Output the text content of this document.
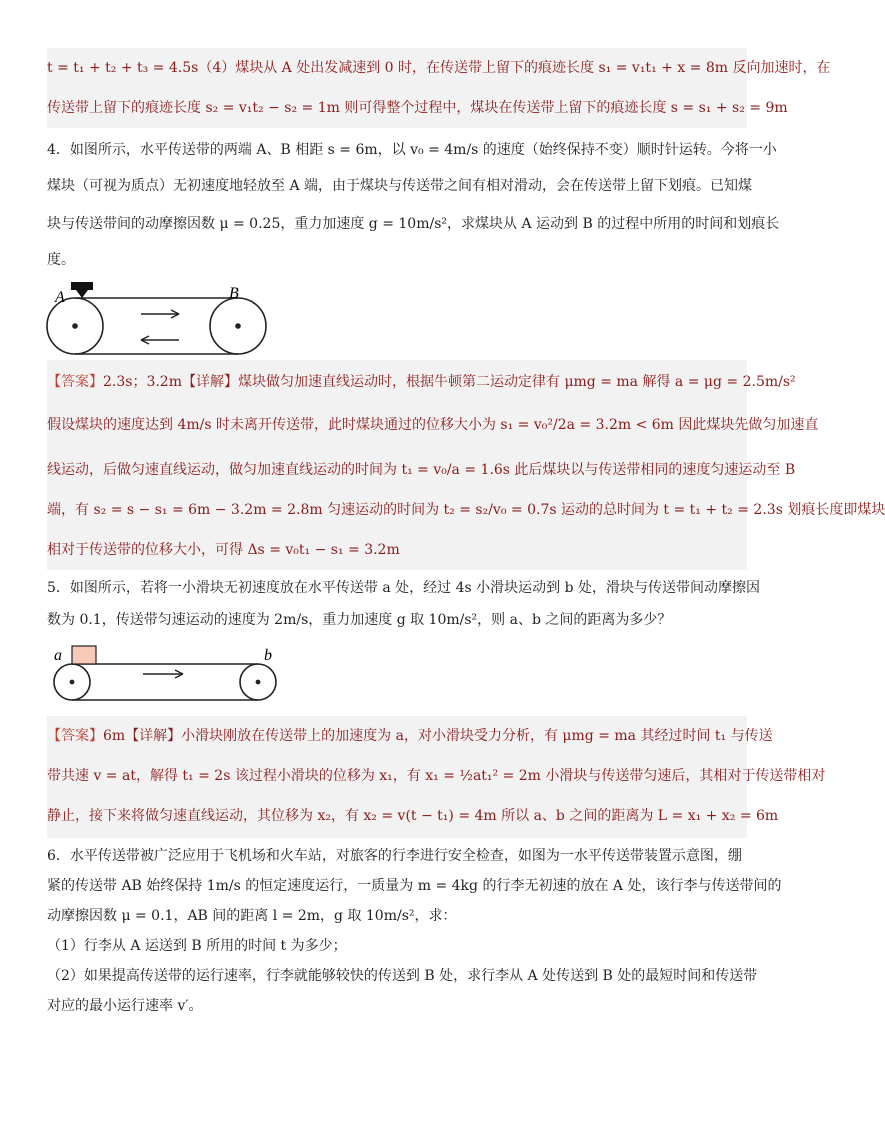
t = t₁ + t₂ + t₃ = 4.5s（4）煤块从 A 处出发减速到 0 时，在传送带上留下的痕迹长度 s₁ = v₁t₁ + x = 8m 反向加速时，在
传送带上留下的痕迹长度 s₂ = v₁t₂ − s₂ = 1m 则可得整个过程中，煤块在传送带上留下的痕迹长度 s = s₁ + s₂ = 9m
4．如图所示，水平传送带的两端 A、B 相距 s = 6m，以 v₀ = 4m/s 的速度（始终保持不变）顺时针运转。今将一小
煤块（可视为质点）无初速度地轻放至 A 端，由于煤块与传送带之间有相对滑动，会在传送带上留下划痕。已知煤
块与传送带间的动摩擦因数 μ = 0.25，重力加速度 g = 10m/s²，求煤块从 A 运动到 B 的过程中所用的时间和划痕长
度。
A	B
【答案】2.3s；3.2m【详解】煤块做匀加速直线运动时，根据牛顿第二运动定律有 μmg = ma 解得 a = μg = 2.5m/s²
假设煤块的速度达到 4m/s 时未离开传送带，此时煤块通过的位移大小为 s₁ = v₀²/2a = 3.2m < 6m 因此煤块先做匀加速直
线运动，后做匀速直线运动，做匀加速直线运动的时间为 t₁ = v₀/a = 1.6s 此后煤块以与传送带相同的速度匀速运动至 B
端，有 s₂ = s − s₁ = 6m − 3.2m = 2.8m 匀速运动的时间为 t₂ = s₂/v₀ = 0.7s 运动的总时间为 t = t₁ + t₂ = 2.3s 划痕长度即煤块
相对于传送带的位移大小，可得 Δs = v₀t₁ − s₁ = 3.2m
5．如图所示，若将一小滑块无初速度放在水平传送带 a 处，经过 4s 小滑块运动到 b 处，滑块与传送带间动摩擦因
数为 0.1，传送带匀速运动的速度为 2m/s，重力加速度 g 取 10m/s²，则 a、b 之间的距离为多少？
a	b
【答案】6m【详解】小滑块刚放在传送带上的加速度为 a，对小滑块受力分析，有 μmg = ma 其经过时间 t₁ 与传送
带共速 v = at，解得 t₁ = 2s 该过程小滑块的位移为 x₁，有 x₁ = ½at₁² = 2m 小滑块与传送带匀速后，其相对于传送带相对
静止，接下来将做匀速直线运动，其位移为 x₂，有 x₂ = v(t − t₁) = 4m 所以 a、b 之间的距离为 L = x₁ + x₂ = 6m
6．水平传送带被广泛应用于飞机场和火车站，对旅客的行李进行安全检查，如图为一水平传送带装置示意图，绷
紧的传送带 AB 始终保持 1m/s 的恒定速度运行，一质量为 m = 4kg 的行李无初速的放在 A 处，该行李与传送带间的
动摩擦因数 μ = 0.1，AB 间的距离 l = 2m，g 取 10m/s²，求：
（1）行李从 A 运送到 B 所用的时间 t 为多少；
（2）如果提高传送带的运行速率，行李就能够较快的传送到 B 处，求行李从 A 处传送到 B 处的最短时间和传送带
对应的最小运行速率 v′。
